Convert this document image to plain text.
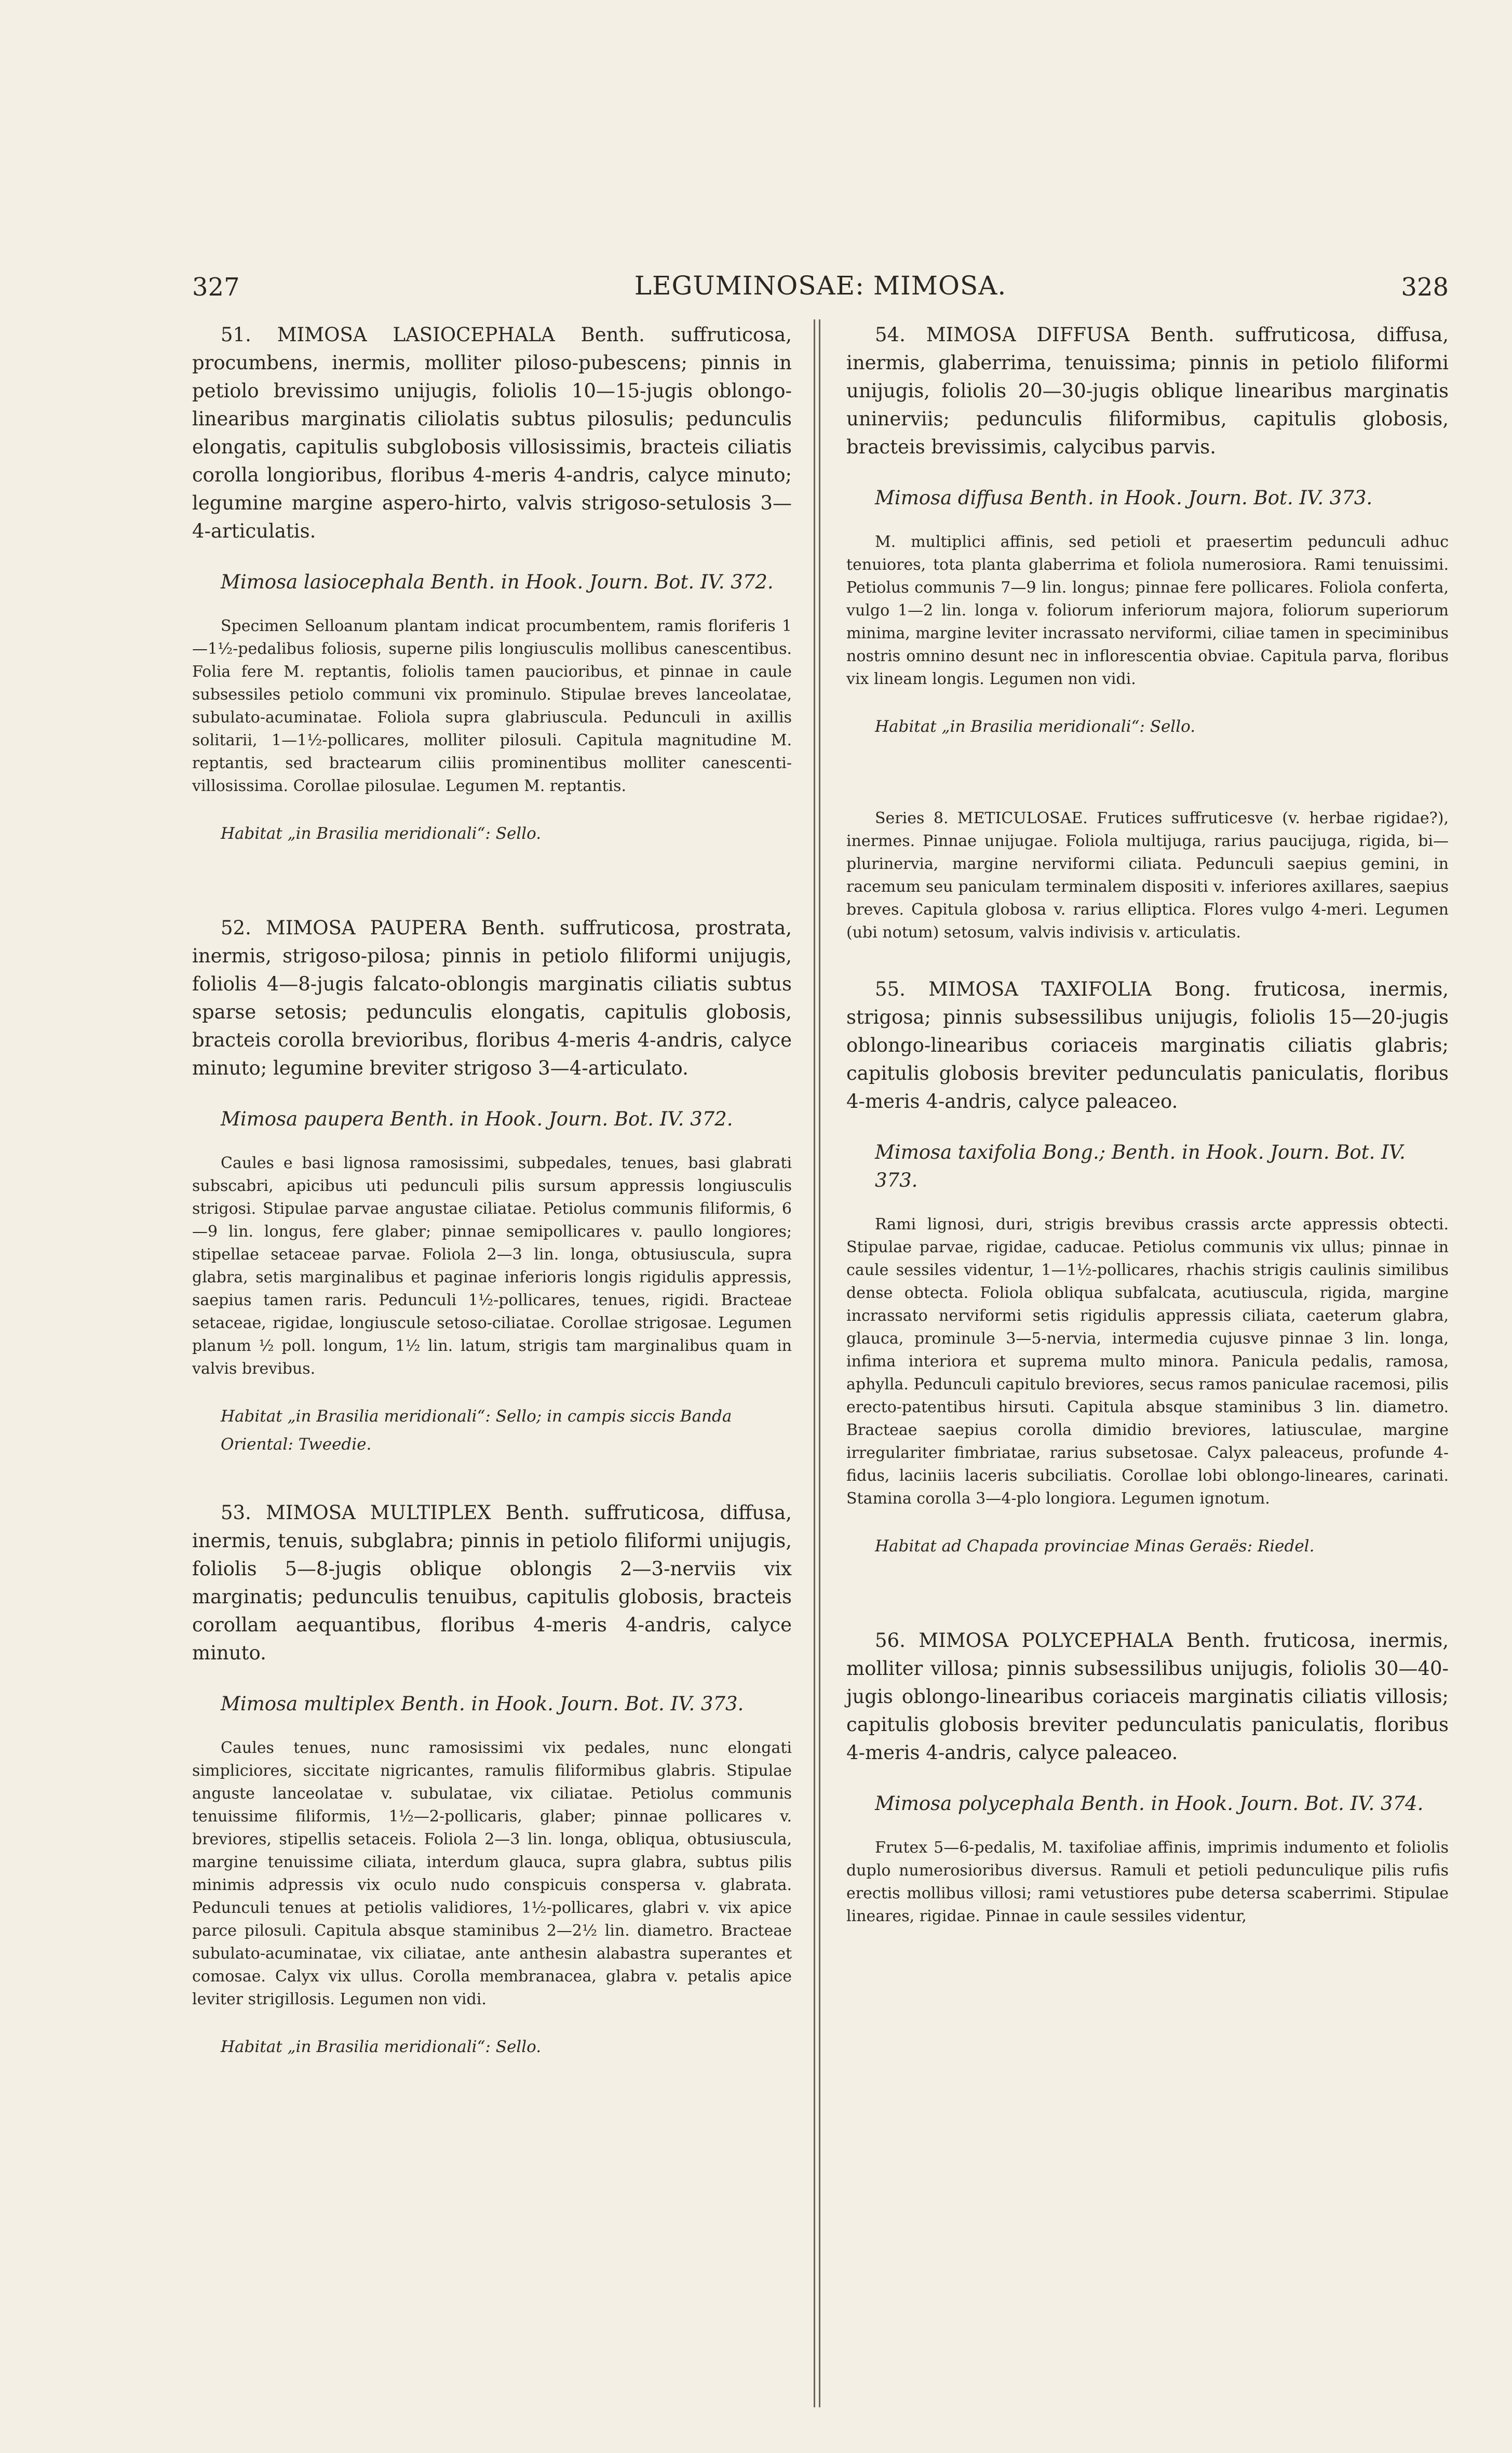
327	LEGUMINOSAE: MIMOSA.	328

51. MIMOSA LASIOCEPHALA Benth. suffruticosa, procumbens, inermis, molliter piloso-pubescens; pinnis in petiolo brevissimo unijugis, foliolis 10—15-jugis oblongo-linearibus marginatis ciliolatis subtus pilosulis; pedunculis elongatis, capitulis subglobosis villosissimis, bracteis ciliatis corolla longioribus, floribus 4-meris 4-andris, calyce minuto; legumine margine aspero-hirto, valvis strigoso-setulosis 3—4-articulatis.

Mimosa lasiocephala Benth. in Hook. Journ. Bot. IV. 372.

Specimen Selloanum plantam indicat procumbentem, ramis floriferis 1—1½-pedalibus foliosis, superne pilis longiusculis mollibus canescentibus. Folia fere M. reptantis, foliolis tamen paucioribus, et pinnae in caule subsessiles petiolo communi vix prominulo. Stipulae breves lanceolatae, subulato-acuminatae. Foliola supra glabriuscula. Pedunculi in axillis solitarii, 1—1½-pollicares, molliter pilosuli. Capitula magnitudine M. reptantis, sed bractearum ciliis prominentibus molliter canescenti-villosissima. Corollae pilosulae. Legumen M. reptantis.

Habitat „in Brasilia meridionali“: Sello.

52. MIMOSA PAUPERA Benth. suffruticosa, prostrata, inermis, strigoso-pilosa; pinnis in petiolo filiformi unijugis, foliolis 4—8-jugis falcato-oblongis marginatis ciliatis subtus sparse setosis; pedunculis elongatis, capitulis globosis, bracteis corolla brevioribus, floribus 4-meris 4-andris, calyce minuto; legumine breviter strigoso 3—4-articulato.

Mimosa paupera Benth. in Hook. Journ. Bot. IV. 372.

Caules e basi lignosa ramosissimi, subpedales, tenues, basi glabrati subscabri, apicibus uti pedunculi pilis sursum appressis longiusculis strigosi. Stipulae parvae angustae ciliatae. Petiolus communis filiformis, 6—9 lin. longus, fere glaber; pinnae semipollicares v. paullo longiores; stipellae setaceae parvae. Foliola 2—3 lin. longa, obtusiuscula, supra glabra, setis marginalibus et paginae inferioris longis rigidulis appressis, saepius tamen raris. Pedunculi 1½-pollicares, tenues, rigidi. Bracteae setaceae, rigidae, longiuscule setoso-ciliatae. Corollae strigosae. Legumen planum ½ poll. longum, 1½ lin. latum, strigis tam marginalibus quam in valvis brevibus.

Habitat „in Brasilia meridionali“: Sello; in campis siccis Banda Oriental: Tweedie.

53. MIMOSA MULTIPLEX Benth. suffruticosa, diffusa, inermis, tenuis, subglabra; pinnis in petiolo filiformi unijugis, foliolis 5—8-jugis oblique oblongis 2—3-nerviis vix marginatis; pedunculis tenuibus, capitulis globosis, bracteis corollam aequantibus, floribus 4-meris 4-andris, calyce minuto.

Mimosa multiplex Benth. in Hook. Journ. Bot. IV. 373.

Caules tenues, nunc ramosissimi vix pedales, nunc elongati simpliciores, siccitate nigricantes, ramulis filiformibus glabris. Stipulae anguste lanceolatae v. subulatae, vix ciliatae. Petiolus communis tenuissime filiformis, 1½—2-pollicaris, glaber; pinnae pollicares v. breviores, stipellis setaceis. Foliola 2—3 lin. longa, obliqua, obtusiuscula, margine tenuissime ciliata, interdum glauca, supra glabra, subtus pilis minimis adpressis vix oculo nudo conspicuis conspersa v. glabrata. Pedunculi tenues at petiolis validiores, 1½-pollicares, glabri v. vix apice parce pilosuli. Capitula absque staminibus 2—2½ lin. diametro. Bracteae subulato-acuminatae, vix ciliatae, ante anthesin alabastra superantes et comosae. Calyx vix ullus. Corolla membranacea, glabra v. petalis apice leviter strigillosis. Legumen non vidi.

Habitat „in Brasilia meridionali“: Sello.

54. MIMOSA DIFFUSA Benth. suffruticosa, diffusa, inermis, glaberrima, tenuissima; pinnis in petiolo filiformi unijugis, foliolis 20—30-jugis oblique linearibus marginatis uninerviis; pedunculis filiformibus, capitulis globosis, bracteis brevissimis, calycibus parvis.

Mimosa diffusa Benth. in Hook. Journ. Bot. IV. 373.

M. multiplici affinis, sed petioli et praesertim pedunculi adhuc tenuiores, tota planta glaberrima et foliola numerosiora. Rami tenuissimi. Petiolus communis 7—9 lin. longus; pinnae fere pollicares. Foliola conferta, vulgo 1—2 lin. longa v. foliorum inferiorum majora, foliorum superiorum minima, margine leviter incrassato nerviformi, ciliae tamen in speciminibus nostris omnino desunt nec in inflorescentia obviae. Capitula parva, floribus vix lineam longis. Legumen non vidi.

Habitat „in Brasilia meridionali“: Sello.

Series 8. METICULOSAE. Frutices suffruticesve (v. herbae rigidae?), inermes. Pinnae unijugae. Foliola multijuga, rarius paucijuga, rigida, bi—plurinervia, margine nerviformi ciliata. Pedunculi saepius gemini, in racemum seu paniculam terminalem dispositi v. inferiores axillares, saepius breves. Capitula globosa v. rarius elliptica. Flores vulgo 4-meri. Legumen (ubi notum) setosum, valvis indivisis v. articulatis.

55. MIMOSA TAXIFOLIA Bong. fruticosa, inermis, strigosa; pinnis subsessilibus unijugis, foliolis 15—20-jugis oblongo-linearibus coriaceis marginatis ciliatis glabris; capitulis globosis breviter pedunculatis paniculatis, floribus 4-meris 4-andris, calyce paleaceo.

Mimosa taxifolia Bong.; Benth. in Hook. Journ. Bot. IV. 373.

Rami lignosi, duri, strigis brevibus crassis arcte appressis obtecti. Stipulae parvae, rigidae, caducae. Petiolus communis vix ullus; pinnae in caule sessiles videntur, 1—1½-pollicares, rhachis strigis caulinis similibus dense obtecta. Foliola obliqua subfalcata, acutiuscula, rigida, margine incrassato nerviformi setis rigidulis appressis ciliata, caeterum glabra, glauca, prominule 3—5-nervia, intermedia cujusve pinnae 3 lin. longa, infima interiora et suprema multo minora. Panicula pedalis, ramosa, aphylla. Pedunculi capitulo breviores, secus ramos paniculae racemosi, pilis erecto-patentibus hirsuti. Capitula absque staminibus 3 lin. diametro. Bracteae saepius corolla dimidio breviores, latiusculae, margine irregulariter fimbriatae, rarius subsetosae. Calyx paleaceus, profunde 4-fidus, laciniis laceris subciliatis. Corollae lobi oblongo-lineares, carinati. Stamina corolla 3—4-plo longiora. Legumen ignotum.

Habitat ad Chapada provinciae Minas Geraës: Riedel.

56. MIMOSA POLYCEPHALA Benth. fruticosa, inermis, molliter villosa; pinnis subsessilibus unijugis, foliolis 30—40-jugis oblongo-linearibus coriaceis marginatis ciliatis villosis; capitulis globosis breviter pedunculatis paniculatis, floribus 4-meris 4-andris, calyce paleaceo.

Mimosa polycephala Benth. in Hook. Journ. Bot. IV. 374.

Frutex 5—6-pedalis, M. taxifoliae affinis, imprimis indumento et foliolis duplo numerosioribus diversus. Ramuli et petioli pedunculique pilis rufis erectis mollibus villosi; rami vetustiores pube detersa scaberrimi. Stipulae lineares, rigidae. Pinnae in caule sessiles videntur,
